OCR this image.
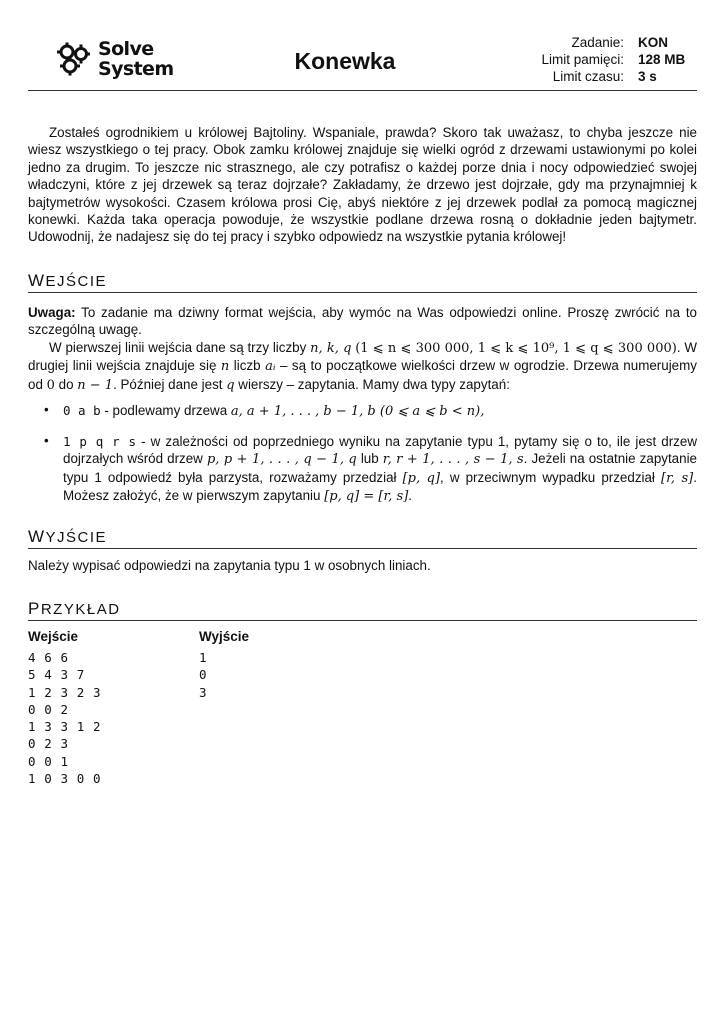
Solve
System	Konewka
Zadanie: KON
Limit pamięci: 128 MB
Limit czasu: 3 s
Zostałeś ogrodnikiem u królowej Bajtoliny. Wspaniale, prawda? Skoro tak uważasz, to chyba jeszcze nie wiesz wszystkiego o tej pracy. Obok zamku królowej znajduje się wielki ogród z drzewami ustawionymi po kolei jedno za drugim. To jeszcze nic strasznego, ale czy potrafisz o każdej porze dnia i nocy odpowiedzieć swojej władczyni, które z jej drzewek są teraz dojrzałe? Zakładamy, że drzewo jest dojrzałe, gdy ma przynajmniej k bajtymetrów wysokości. Czasem królowa prosi Cię, abyś niektóre z jej drzewek podlał za pomocą magicznej konewki. Każda taka operacja powoduje, że wszystkie podlane drzewa rosną o dokładnie jeden bajtymetr. Udowodnij, że nadajesz się do tej pracy i szybko odpowiedz na wszystkie pytania królowej!
WEJŚCIE
Uwaga: To zadanie ma dziwny format wejścia, aby wymóc na Was odpowiedzi online. Proszę zwrócić na to szczególną uwagę.
W pierwszej linii wejścia dane są trzy liczby n, k, q (1 ⩽ n ⩽ 300 000, 1 ⩽ k ⩽ 10⁹, 1 ⩽ q ⩽ 300 000). W drugiej linii wejścia znajduje się n liczb aᵢ – są to początkowe wielkości drzew w ogrodzie. Drzewa numerujemy od 0 do n − 1. Później dane jest q wierszy – zapytania. Mamy dwa typy zapytań:
• 0 a b - podlewamy drzewa a, a + 1, . . . , b − 1, b (0 ⩽ a ⩽ b < n),
• 1 p q r s - w zależności od poprzedniego wyniku na zapytanie typu 1, pytamy się o to, ile jest drzew dojrzałych wśród drzew p, p + 1, . . . , q − 1, q lub r, r + 1, . . . , s − 1, s. Jeżeli na ostatnie zapytanie typu 1 odpowiedź była parzysta, rozważamy przedział [p, q], w przeciwnym wypadku przedział [r, s]. Możesz założyć, że w pierwszym zapytaniu [p, q] = [r, s].
WYJŚCIE
Należy wypisać odpowiedzi na zapytania typu 1 w osobnych liniach.
PRZYKŁAD
Wejście	Wyjście
4 6 6
5 4 3 7
1 2 3 2 3
0 0 2
1 3 3 1 2
0 2 3
0 0 1
1 0 3 0 0
1
0
3
